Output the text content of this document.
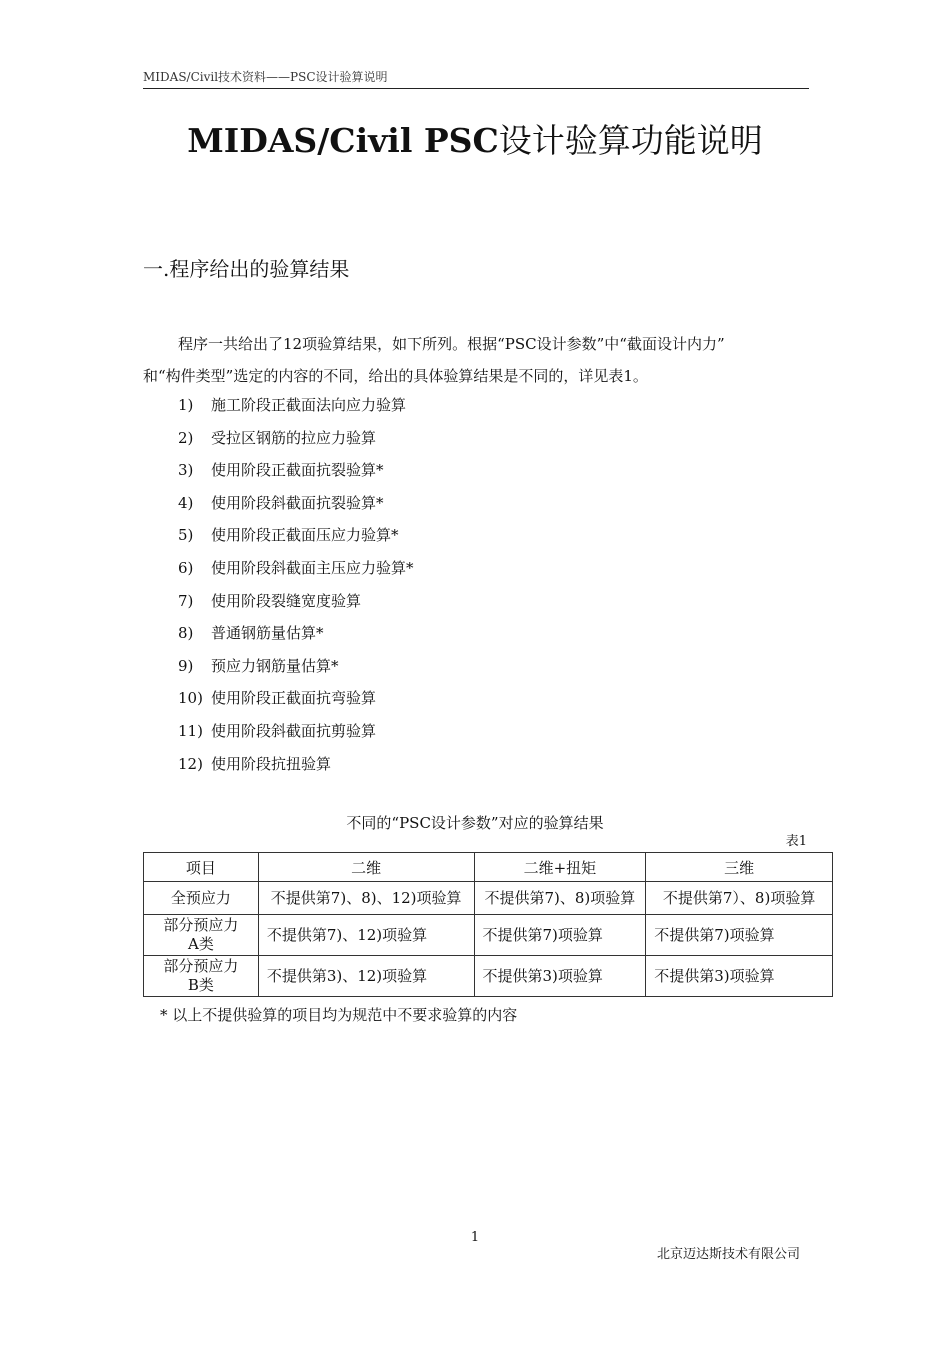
MIDAS/Civil技术资料——PSC设计验算说明
MIDAS/Civil PSC设计验算功能说明
一.程序给出的验算结果

程序一共给出了12项验算结果，如下所列。根据“PSC设计参数”中“截面设计内力”

和“构件类型”选定的内容的不同，给出的具体验算结果是不同的，详见表1。

1)	施工阶段正截面法向应力验算
2)	受拉区钢筋的拉应力验算
3)	使用阶段正截面抗裂验算*
4)	使用阶段斜截面抗裂验算*
5)	使用阶段正截面压应力验算*
6)	使用阶段斜截面主压应力验算*
7)	使用阶段裂缝宽度验算
8)	普通钢筋量估算*
9)	预应力钢筋量估算*
10) 使用阶段正截面抗弯验算
11) 使用阶段斜截面抗剪验算
12) 使用阶段抗扭验算
不同的“PSC设计参数”对应的验算结果
表1
项目	二维	二维+扭矩	三维
全预应力	不提供第7)、8)、12)项验算	不提供第7)、8)项验算	不提供第7）、8)项验算
部分预应力
A类	不提供第7)、12)项验算	不提供第7)项验算	不提供第7)项验算
部分预应力
B类	不提供第3)、12)项验算	不提供第3)项验算	不提供第3)项验算
* 以上不提供验算的项目均为规范中不要求验算的内容
1
北京迈达斯技术有限公司
